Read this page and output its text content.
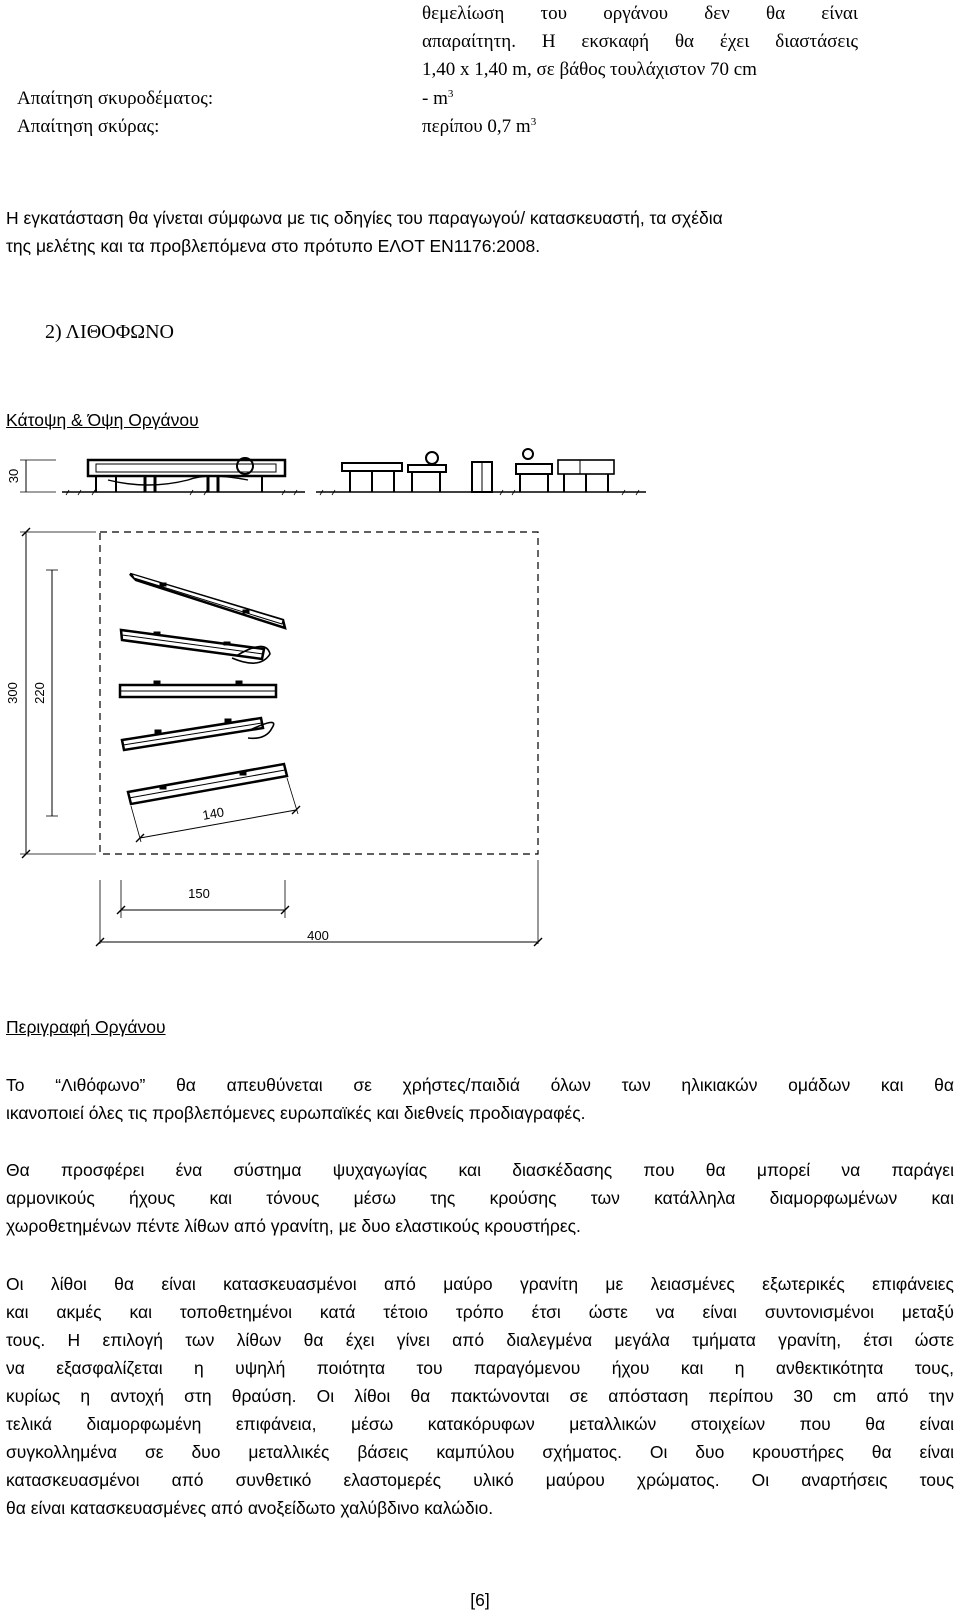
θεμελίωση του οργάνου δεν θα είναι
απαραίτητη. Η εκσκαφή θα έχει διαστάσεις
1,40 x 1,40 m, σε βάθος τουλάχιστον 70 cm
Απαίτηση σκυροδέματος:	- $m^3$
Απαίτηση σκύρας:	περίπου 0,7 $m^3$
Η εγκατάσταση θα γίνεται σύμφωνα με τις οδηγίες του παραγωγού/ κατασκευαστή, τα σχέδια
της μελέτης και τα προβλεπόμενα στο πρότυπο ΕΛΟΤ ΕΝ1176:2008.
2) ΛΙΘΟΦΩΝΟ
Κάτοψη & Όψη Οργάνου
30
300 220
140
150
400
Περιγραφή Οργάνου
Το “Λιθόφωνο” θα απευθύνεται σε χρήστες/παιδιά όλων των ηλικιακών ομάδων και θα
ικανοποιεί όλες τις προβλεπόμενες ευρωπαϊκές και διεθνείς προδιαγραφές.
Θα προσφέρει ένα σύστημα ψυχαγωγίας και διασκέδασης που θα μπορεί να παράγει
αρμονικούς ήχους και τόνους μέσω της κρούσης των κατάλληλα διαμορφωμένων και
χωροθετημένων πέντε λίθων από γρανίτη, με δυο ελαστικούς κρουστήρες.
Οι λίθοι θα είναι κατασκευασμένοι από μαύρο γρανίτη με λειασμένες εξωτερικές επιφάνειες
και ακμές και τοποθετημένοι κατά τέτοιο τρόπο έτσι ώστε να είναι συντονισμένοι μεταξύ
τους. Η επιλογή των λίθων θα έχει γίνει από διαλεγμένα μεγάλα τμήματα γρανίτη, έτσι ώστε
να εξασφαλίζεται η υψηλή ποιότητα του παραγόμενου ήχου και η ανθεκτικότητα τους,
κυρίως η αντοχή στη θραύση. Οι λίθοι θα πακτώνονται σε απόσταση περίπου 30 cm από την
τελικά διαμορφωμένη επιφάνεια, μέσω κατακόρυφων μεταλλικών στοιχείων που θα είναι
συγκολλημένα σε δυο μεταλλικές βάσεις καμπύλου σχήματος. Οι δυο κρουστήρες θα είναι
κατασκευασμένοι από συνθετικό ελαστομερές υλικό μαύρου χρώματος. Οι αναρτήσεις τους
θα είναι κατασκευασμένες από ανοξείδωτο χαλύβδινο καλώδιο.
[6]
